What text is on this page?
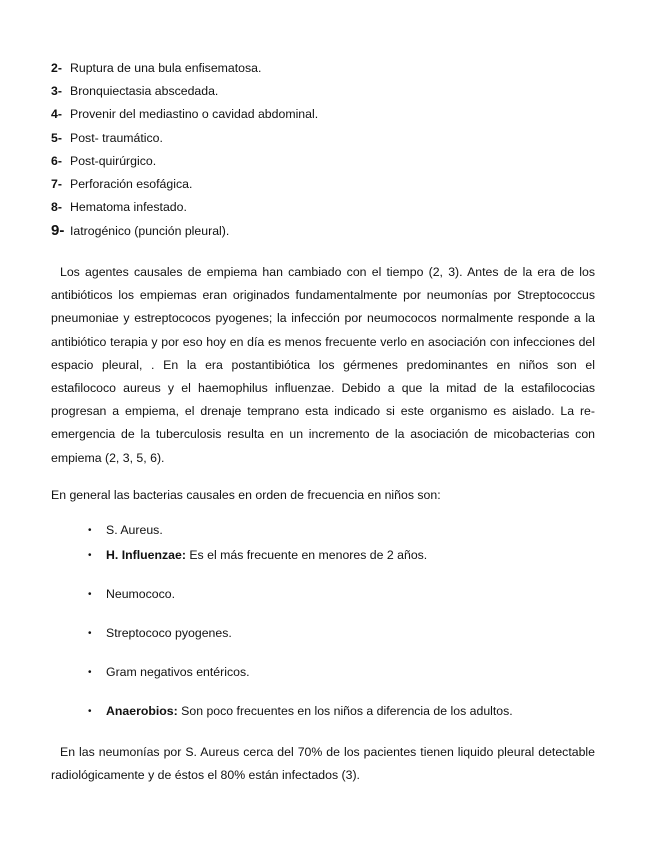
2- Ruptura de una bula enfisematosa.
3- Bronquiectasia abscedada.
4- Provenir del mediastino o cavidad abdominal.
5- Post- traumático.
6- Post-quirúrgico.
7- Perforación esofágica.
8- Hematoma infestado.
9- Iatrogénico (punción pleural).

Los agentes causales de empiema han cambiado con el tiempo (2, 3). Antes de la era de los antibióticos los empiemas eran originados fundamentalmente por neumonías por Streptococcus pneumoniae y estreptococos pyogenes; la infección por neumococos normalmente responde a la antibiótico terapia y por eso hoy en día es menos frecuente verlo en asociación con infecciones del espacio pleural, . En la era postantibiótica los gérmenes predominantes en niños son el estafilococo aureus y el haemophilus influenzae. Debido a que la mitad de la estafilococias progresan a empiema, el drenaje temprano esta indicado si este organismo es aislado. La re-emergencia de la tuberculosis resulta en un incremento de la asociación de micobacterias con empiema (2, 3, 5, 6).

En general las bacterias causales en orden de frecuencia en niños son:

• S. Aureus.
• H. Influenzae: Es el más frecuente en menores de 2 años.
• Neumococo.
• Streptococo pyogenes.
• Gram negativos entéricos.
• Anaerobios: Son poco frecuentes en los niños a diferencia de los adultos.

En las neumonías por S. Aureus cerca del 70% de los pacientes tienen liquido pleural detectable radiológicamente y de éstos el 80% están infectados (3).
